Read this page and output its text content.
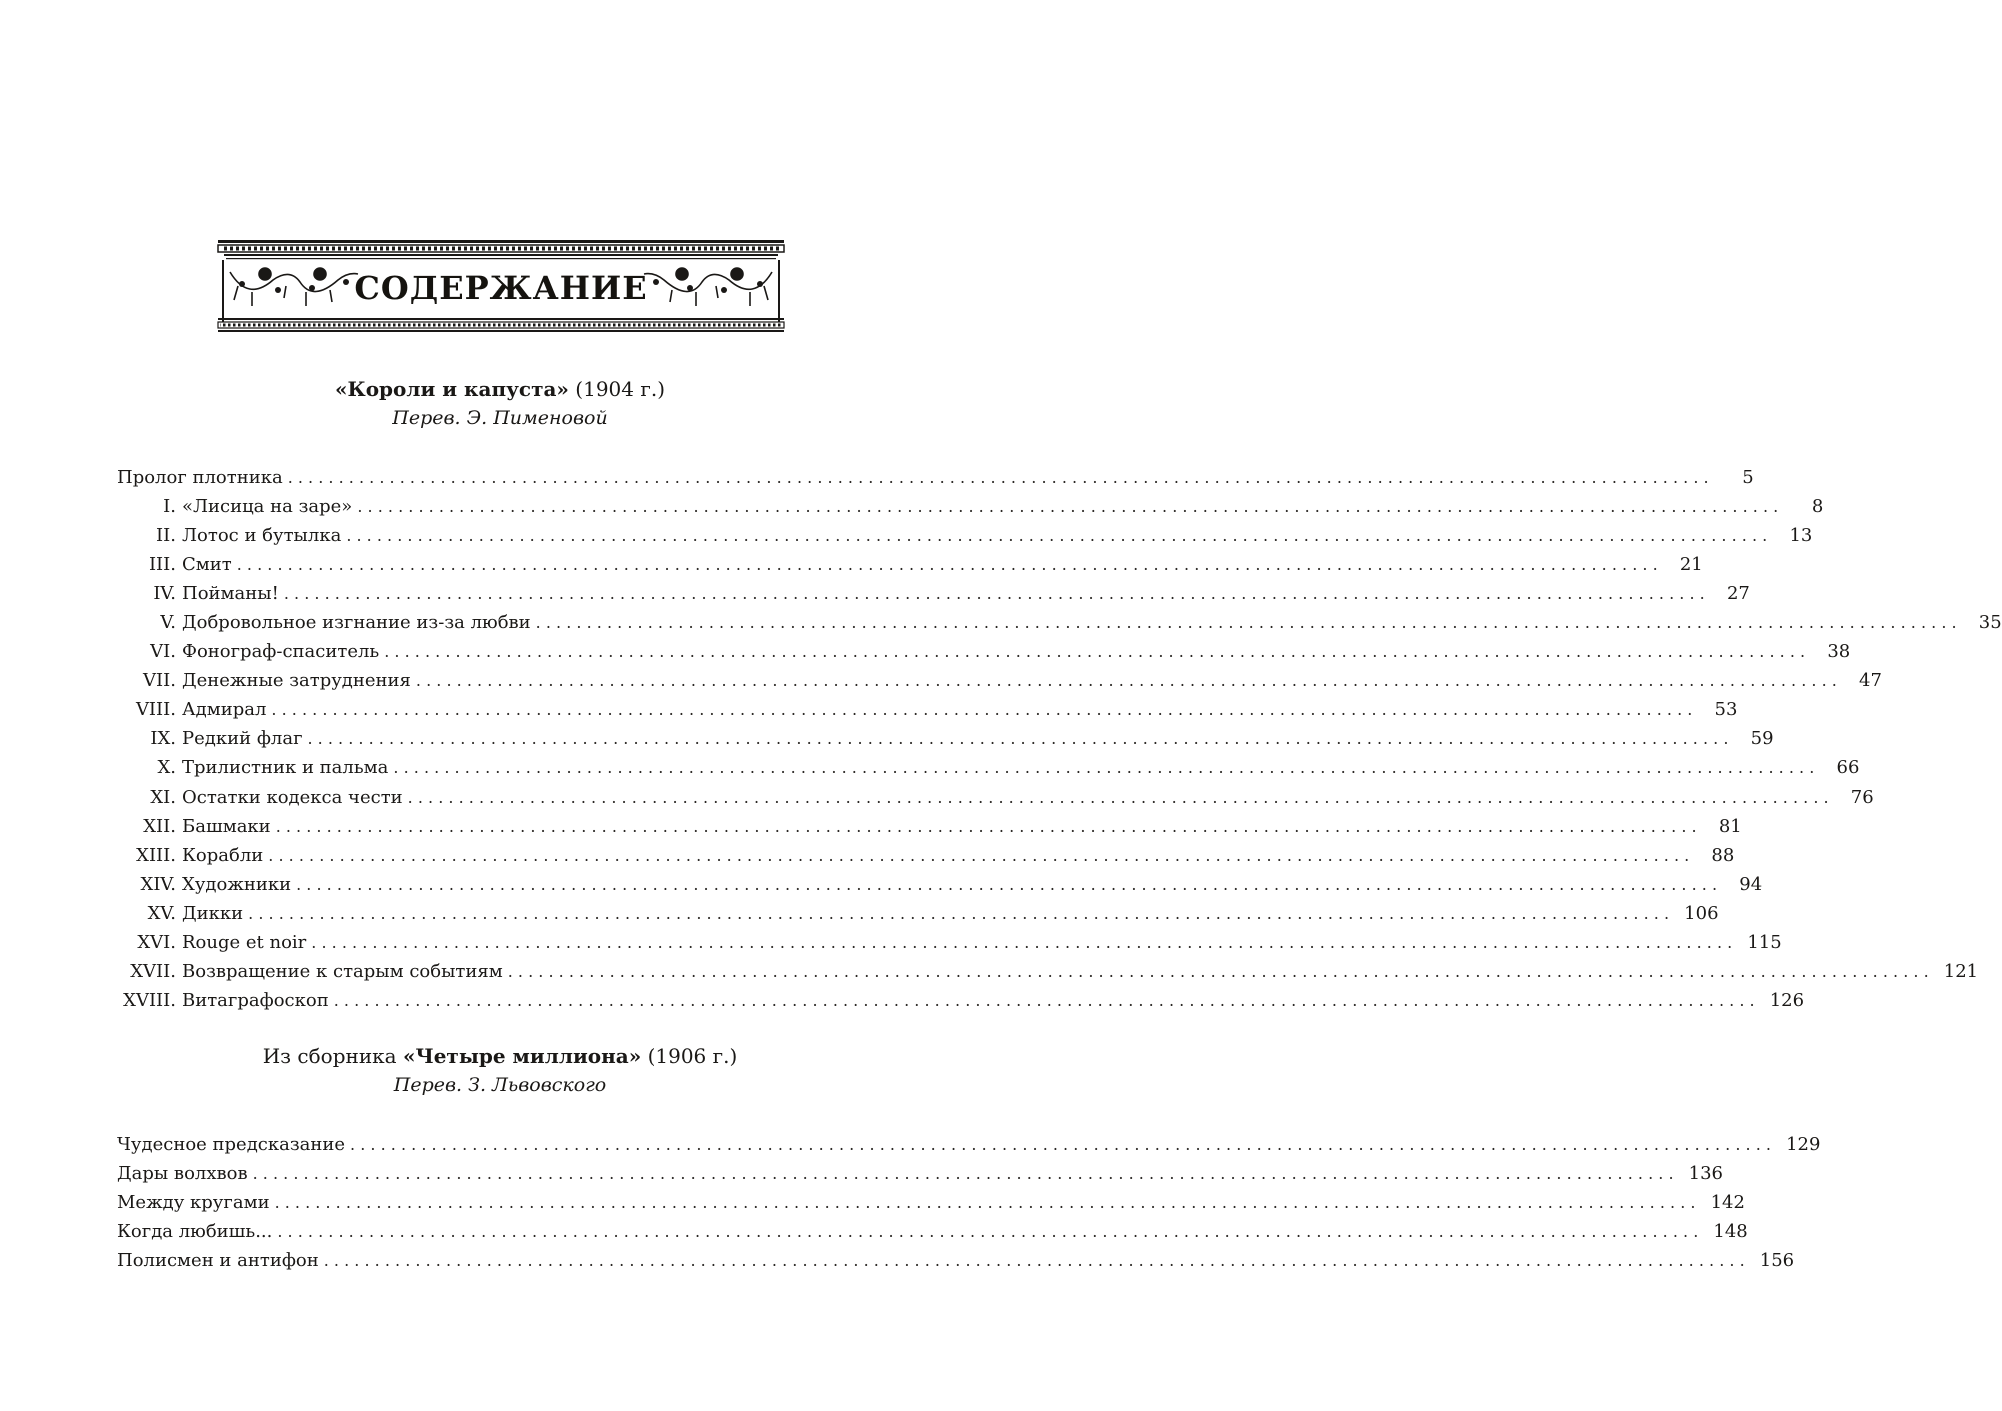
СОДЕРЖАНИЕ
«Короли и капуста» (1904 г.)
Перев. Э. Пименовой
Пролог плотника ............................................................................................................................................	5
I. «Лисица на заре» ............................................................................................................................................	8
II. Лотос и бутылка ............................................................................................................................................ 13
III. Смит ............................................................................................................................................ 21
IV. Пойманы! ............................................................................................................................................ 27
V. Добровольное изгнание из-за любви ............................................................................................................................................ 35
VI. Фонограф-спаситель ............................................................................................................................................ 38
VII. Денежные затруднения ............................................................................................................................................ 47
VIII. Адмирал ............................................................................................................................................ 53
IX. Редкий флаг ............................................................................................................................................ 59
X. Трилистник и пальма ............................................................................................................................................ 66
XI. Остатки кодекса чести ............................................................................................................................................ 76
XII. Башмаки ............................................................................................................................................ 81
XIII. Корабли ............................................................................................................................................ 88
XIV. Художники ............................................................................................................................................ 94
XV. Дикки ............................................................................................................................................ 106
XVI. Rouge et noir ............................................................................................................................................ 115
XVII. Возвращение к старым событиям ............................................................................................................................................ 121
XVIII. Витаграфоскоп ............................................................................................................................................ 126
Из сборника «Четыре миллиона» (1906 г.)
Перев. З. Львовского
Чудесное предсказание ............................................................................................................................................ 129
Дары волхвов ............................................................................................................................................ 136
Между кругами ............................................................................................................................................ 142
Когда любишь... ............................................................................................................................................ 148
Полисмен и антифон ............................................................................................................................................ 156
